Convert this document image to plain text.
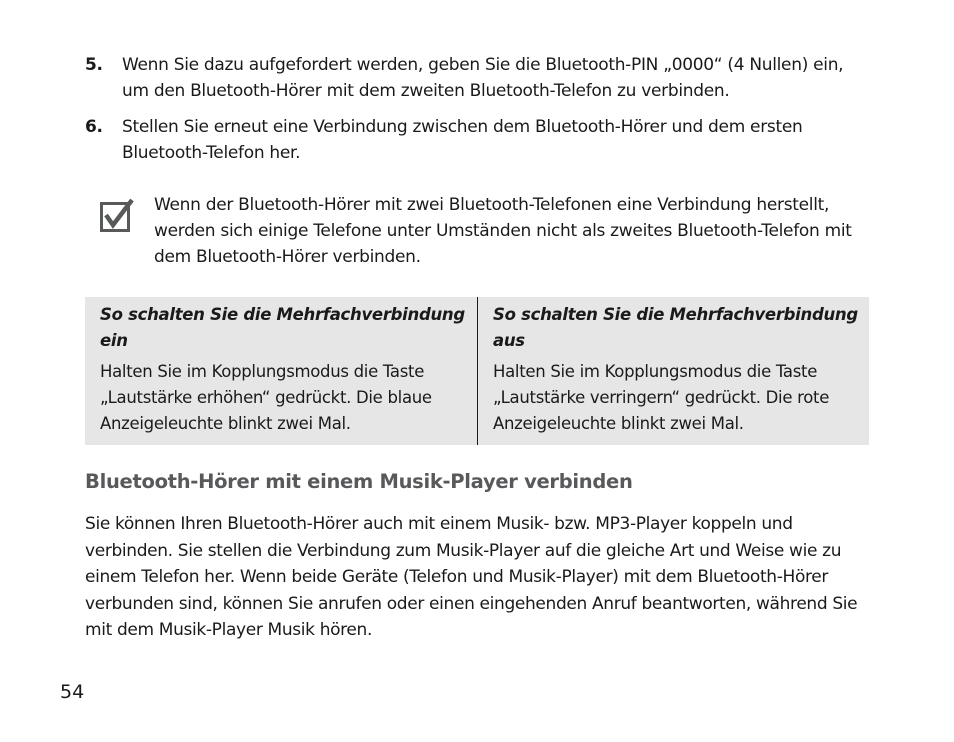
5. Wenn Sie dazu aufgefordert werden, geben Sie die Bluetooth-PIN „0000“ (4 Nullen) ein, um den Bluetooth-Hörer mit dem zweiten Bluetooth-Telefon zu verbinden.
6. Stellen Sie erneut eine Verbindung zwischen dem Bluetooth-Hörer und dem ersten Bluetooth-Telefon her.
Wenn der Bluetooth-Hörer mit zwei Bluetooth-Telefonen eine Verbindung herstellt, werden sich einige Telefone unter Umständen nicht als zweites Bluetooth-Telefon mit dem Bluetooth-Hörer verbinden.
So schalten Sie die Mehrfachverbindung ein
Halten Sie im Kopplungsmodus die Taste „Lautstärke erhöhen“ gedrückt. Die blaue Anzeigeleuchte blinkt zwei Mal.
So schalten Sie die Mehrfachverbindung aus
Halten Sie im Kopplungsmodus die Taste „Lautstärke verringern“ gedrückt. Die rote Anzeigeleuchte blinkt zwei Mal.
Bluetooth-Hörer mit einem Musik-Player verbinden
Sie können Ihren Bluetooth-Hörer auch mit einem Musik- bzw. MP3-Player koppeln und verbinden. Sie stellen die Verbindung zum Musik-Player auf die gleiche Art und Weise wie zu einem Telefon her. Wenn beide Geräte (Telefon und Musik-Player) mit dem Bluetooth-Hörer verbunden sind, können Sie anrufen oder einen eingehenden Anruf beantworten, während Sie mit dem Musik-Player Musik hören.
54
